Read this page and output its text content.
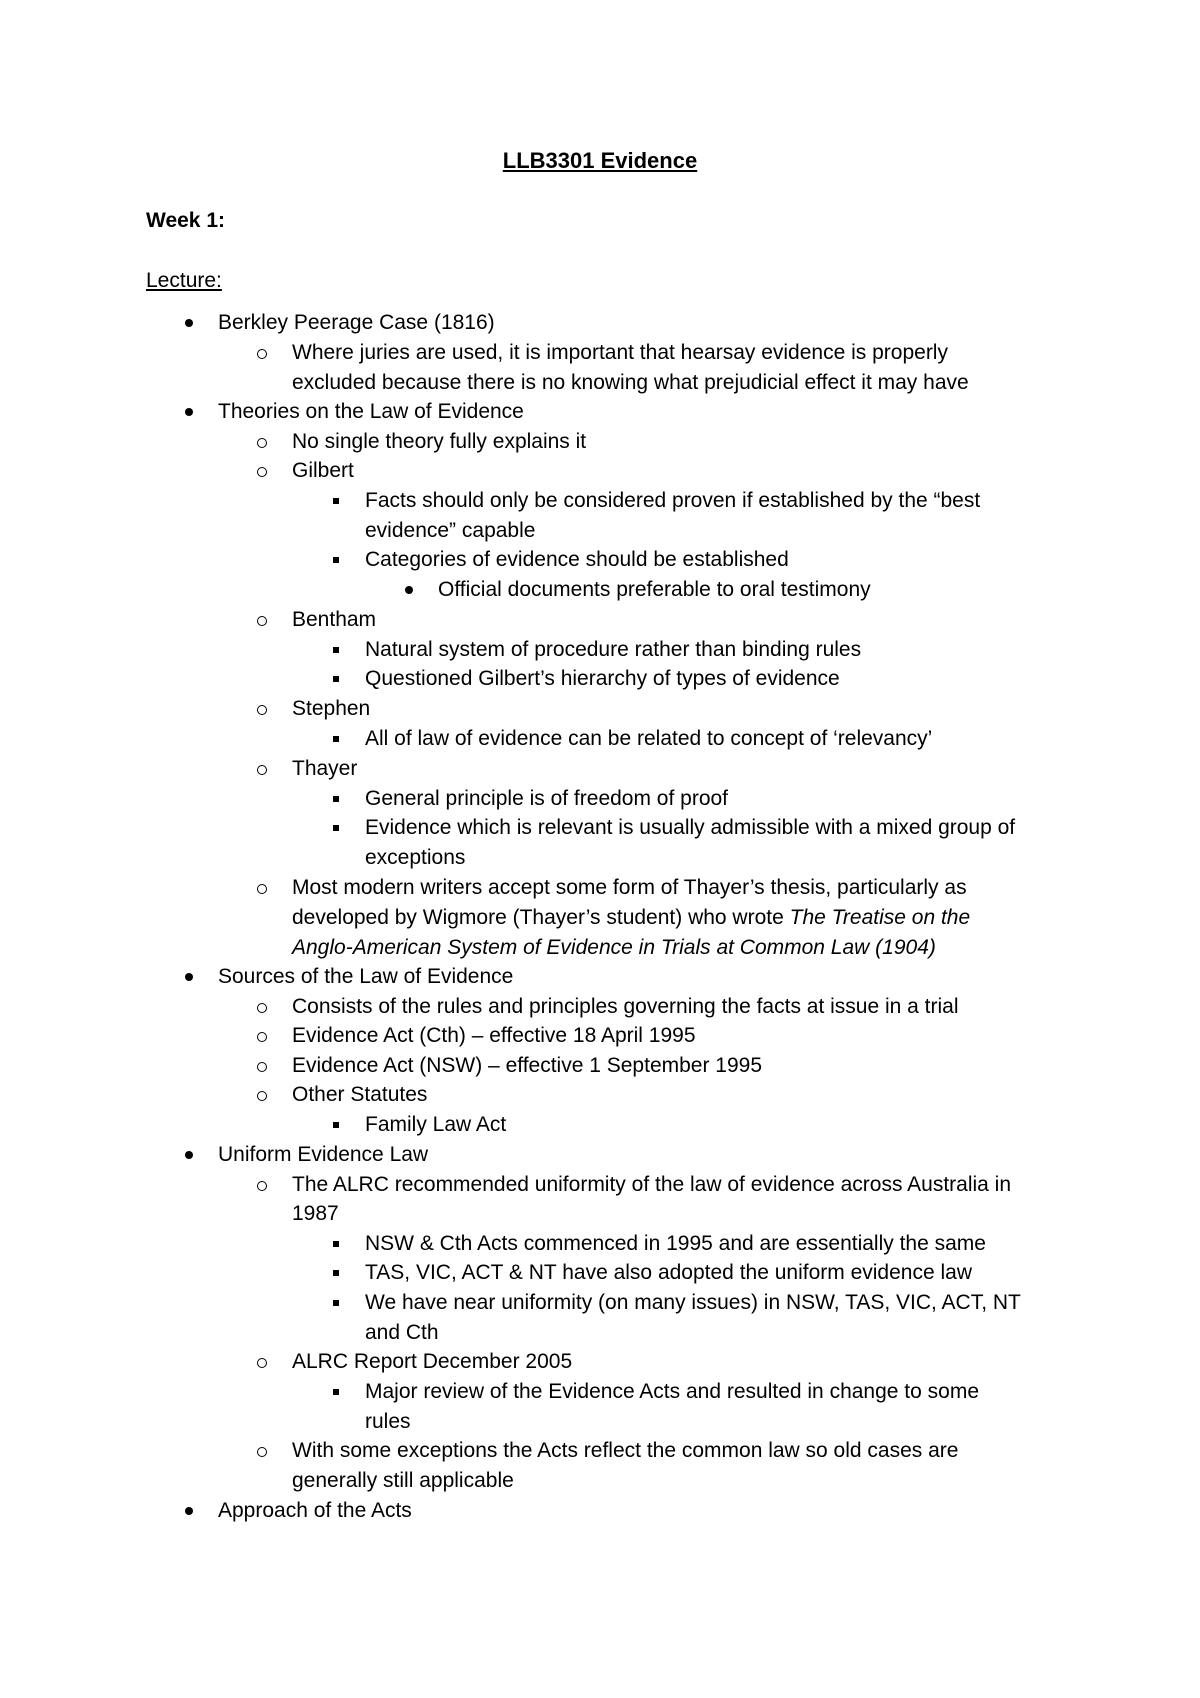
LLB3301 Evidence
Week 1:
Lecture:
Berkley Peerage Case (1816)
Where juries are used, it is important that hearsay evidence is properly
excluded because there is no knowing what prejudicial effect it may have
Theories on the Law of Evidence
No single theory fully explains it
Gilbert
Facts should only be considered proven if established by the “best
evidence” capable
Categories of evidence should be established
Official documents preferable to oral testimony
Bentham
Natural system of procedure rather than binding rules
Questioned Gilbert’s hierarchy of types of evidence
Stephen
All of law of evidence can be related to concept of ‘relevancy’
Thayer
General principle is of freedom of proof
Evidence which is relevant is usually admissible with a mixed group of
exceptions
Most modern writers accept some form of Thayer’s thesis, particularly as
developed by Wigmore (Thayer’s student) who wrote The Treatise on the
Anglo-American System of Evidence in Trials at Common Law (1904)
Sources of the Law of Evidence
Consists of the rules and principles governing the facts at issue in a trial
Evidence Act (Cth) – effective 18 April 1995
Evidence Act (NSW) – effective 1 September 1995
Other Statutes
Family Law Act
Uniform Evidence Law
The ALRC recommended uniformity of the law of evidence across Australia in
1987
NSW & Cth Acts commenced in 1995 and are essentially the same
TAS, VIC, ACT & NT have also adopted the uniform evidence law
We have near uniformity (on many issues) in NSW, TAS, VIC, ACT, NT
and Cth
ALRC Report December 2005
Major review of the Evidence Acts and resulted in change to some
rules
With some exceptions the Acts reflect the common law so old cases are
generally still applicable
Approach of the Acts
